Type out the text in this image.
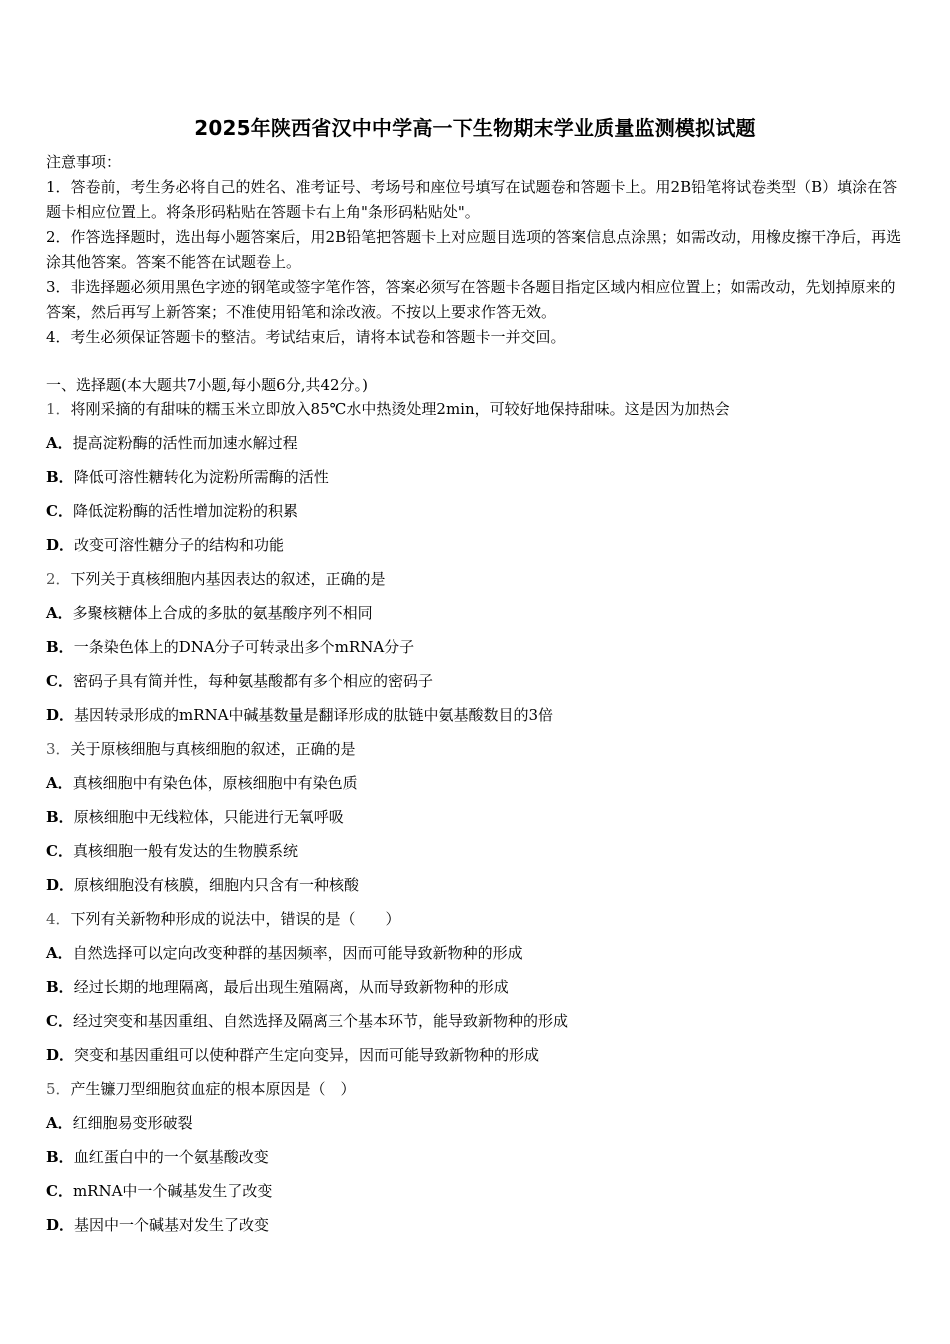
2025年陕西省汉中中学高一下生物期末学业质量监测模拟试题

注意事项：

1．答卷前，考生务必将自己的姓名、准考证号、考场号和座位号填写在试题卷和答题卡上。用2B铅笔将试卷类型（B）填涂在答题卡相应位置上。将条形码粘贴在答题卡右上角"条形码粘贴处"。

2．作答选择题时，选出每小题答案后，用2B铅笔把答题卡上对应题目选项的答案信息点涂黑；如需改动，用橡皮擦干净后，再选涂其他答案。答案不能答在试题卷上。

3．非选择题必须用黑色字迹的钢笔或签字笔作答，答案必须写在答题卡各题目指定区域内相应位置上；如需改动，先划掉原来的答案，然后再写上新答案；不准使用铅笔和涂改液。不按以上要求作答无效。

4．考生必须保证答题卡的整洁。考试结束后，请将本试卷和答题卡一并交回。

一、选择题(本大题共7小题,每小题6分,共42分。)
1．将刚采摘的有甜味的糯玉米立即放入85℃水中热烫处理2min，可较好地保持甜味。这是因为加热会
A．提高淀粉酶的活性而加速水解过程
B．降低可溶性糖转化为淀粉所需酶的活性
C．降低淀粉酶的活性增加淀粉的积累
D．改变可溶性糖分子的结构和功能
2．下列关于真核细胞内基因表达的叙述，正确的是
A．多聚核糖体上合成的多肽的氨基酸序列不相同
B．一条染色体上的DNA分子可转录出多个mRNA分子
C．密码子具有简并性，每种氨基酸都有多个相应的密码子
D．基因转录形成的mRNA中碱基数量是翻译形成的肽链中氨基酸数目的3倍
3．关于原核细胞与真核细胞的叙述，正确的是
A．真核细胞中有染色体，原核细胞中有染色质
B．原核细胞中无线粒体，只能进行无氧呼吸
C．真核细胞一般有发达的生物膜系统
D．原核细胞没有核膜，细胞内只含有一种核酸
4．下列有关新物种形成的说法中，错误的是（　　）
A．自然选择可以定向改变种群的基因频率，因而可能导致新物种的形成
B．经过长期的地理隔离，最后出现生殖隔离，从而导致新物种的形成
C．经过突变和基因重组、自然选择及隔离三个基本环节，能导致新物种的形成
D．突变和基因重组可以使种群产生定向变异，因而可能导致新物种的形成
5．产生镰刀型细胞贫血症的根本原因是（　）
A．红细胞易变形破裂
B．血红蛋白中的一个氨基酸改变
C．mRNA中一个碱基发生了改变
D．基因中一个碱基对发生了改变
